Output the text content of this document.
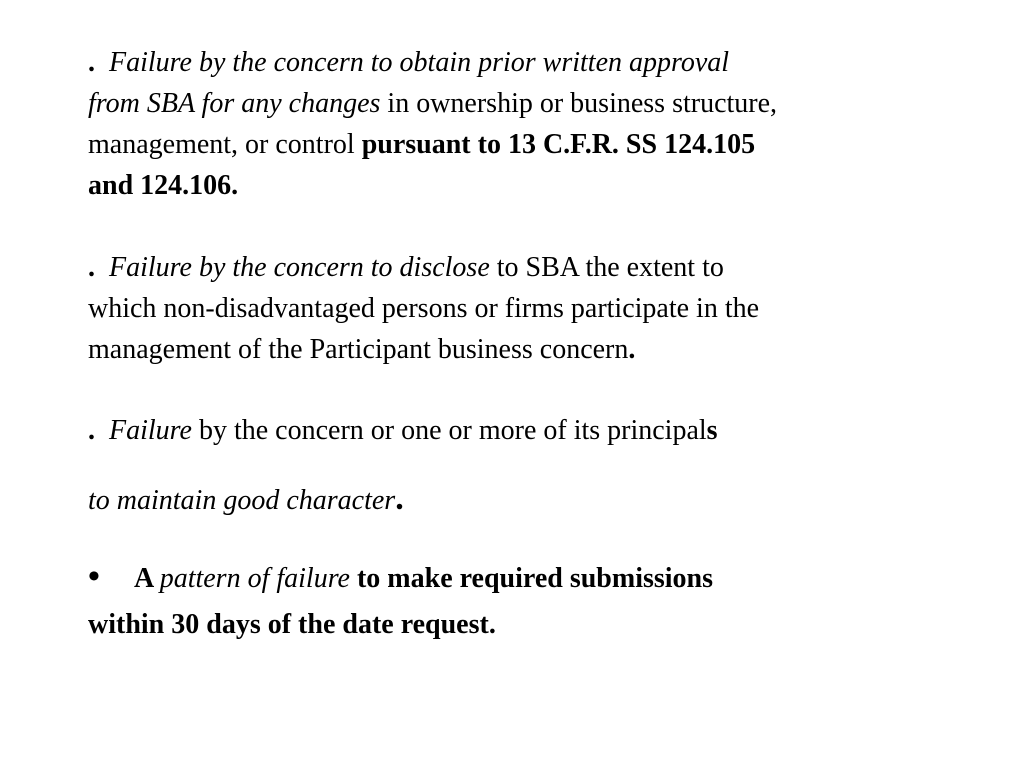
. Failure by the concern to obtain prior written approval
from SBA for any changes in ownership or business structure,
management, or control pursuant to 13 C.F.R. SS 124.105
and 124.106.

. Failure by the concern to disclose to SBA the extent to
which non-disadvantaged persons or firms participate in the
management of the Participant business concern.

. Failure by the concern or one or more of its principals

to maintain good character.

• A pattern of failure to make required submissions
within 30 days of the date request.
